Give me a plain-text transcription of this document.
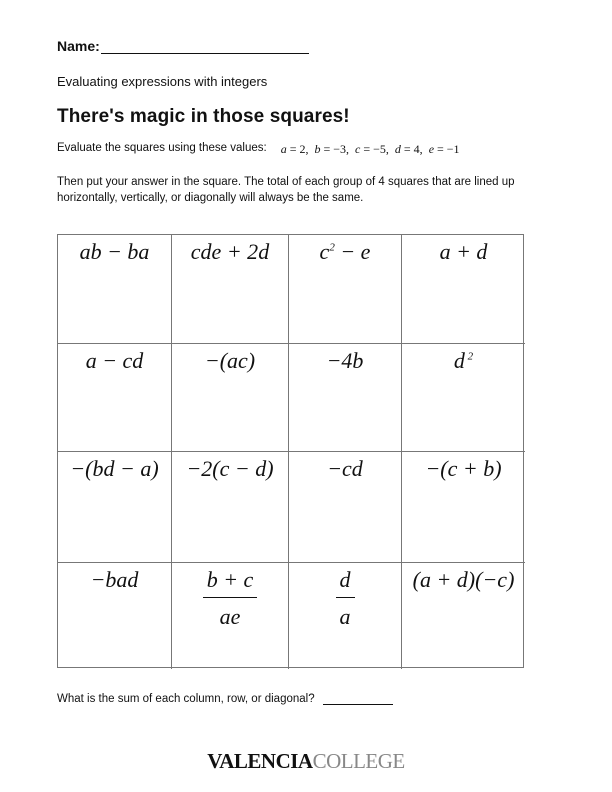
Name:
Evaluating expressions with integers
There's magic in those squares!
Evaluate the squares using these values: a = 2,  b = −3,  c = −5,  d = 4,  e = −1
Then put your answer in the square. The total of each group of 4 squares that are lined up horizontally, vertically, or diagonally will always be the same.
ab − ba	cde + 2d	$c^2 - e$	a + d
a − cd	−(ac)	−4b	d $^2$
−(bd − a)	−2(c − d)	−cd	−(c + b)
−bad	$\frac{b + c}{ae}$	$\frac{d}{a}$	(a + d)(−c)
What is the sum of each column, row, or diagonal?
VALENCIACOLLEGE
